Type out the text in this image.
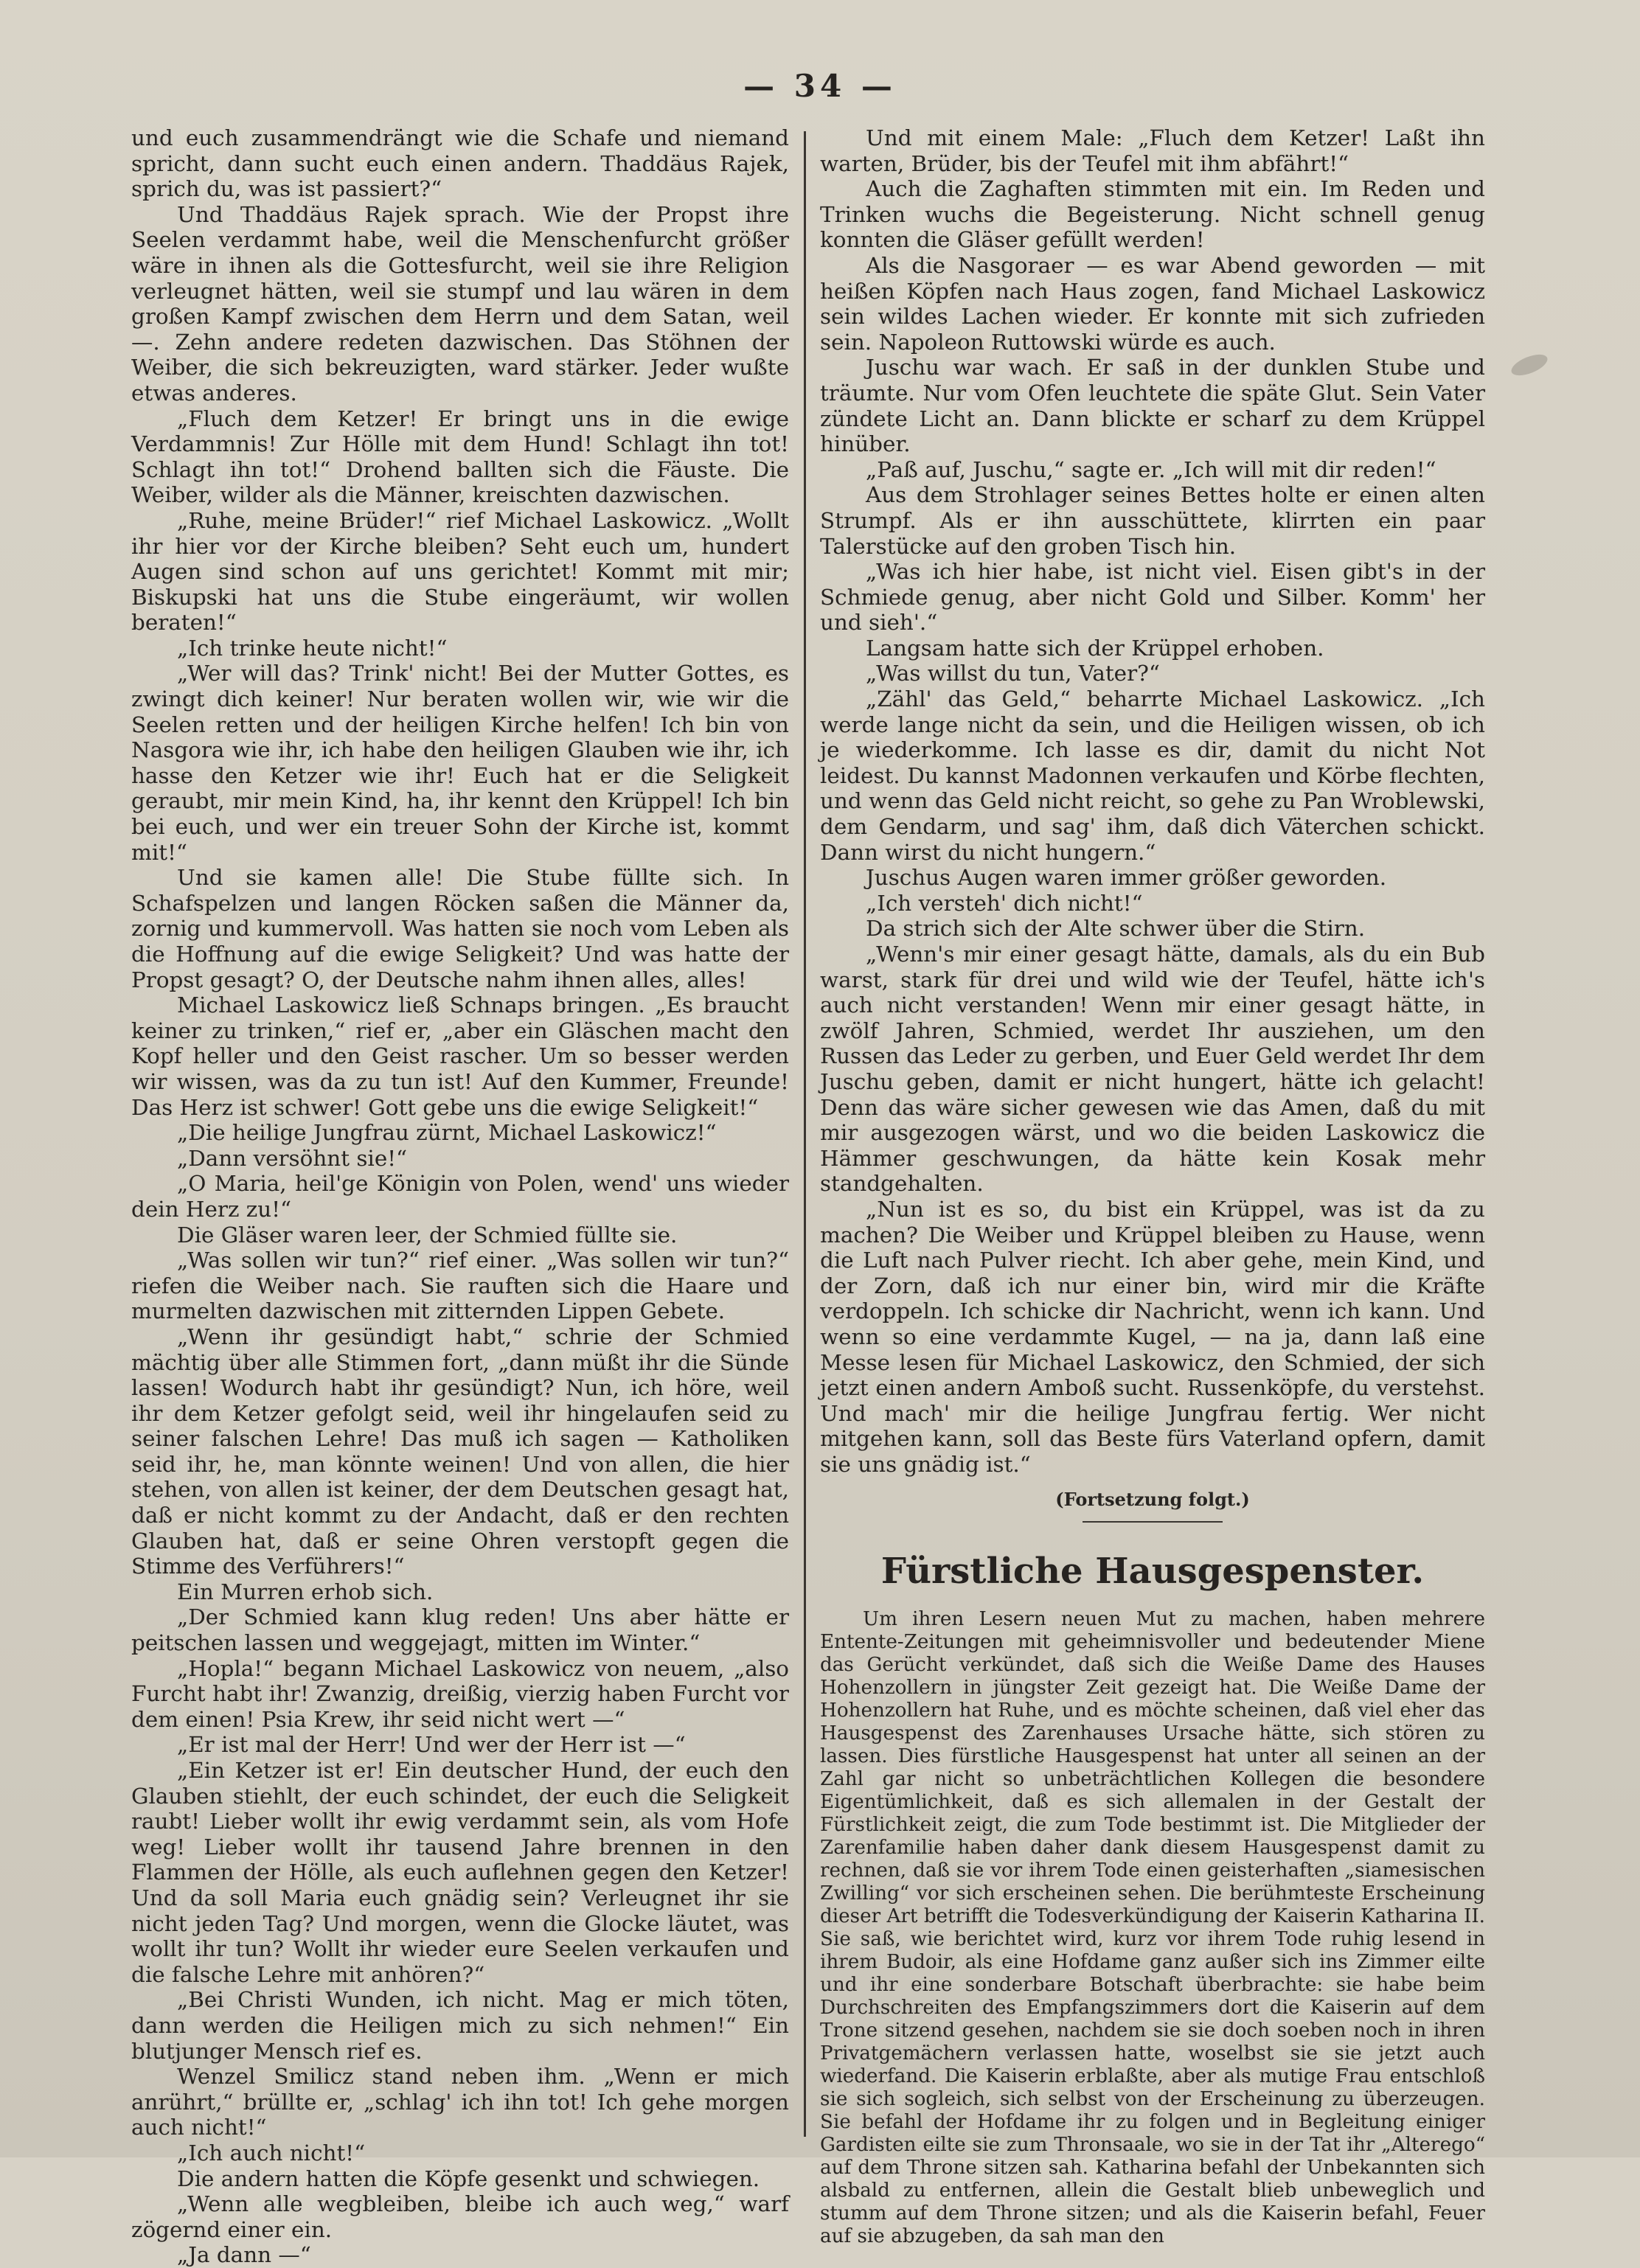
— 34 —

und euch zusammendrängt wie die Schafe und niemand spricht, dann sucht euch einen andern. Thaddäus Rajek, sprich du, was ist passiert?“

Und Thaddäus Rajek sprach. Wie der Propst ihre Seelen verdammt habe, weil die Menschenfurcht größer wäre in ihnen als die Gottesfurcht, weil sie ihre Religion verleugnet hätten, weil sie stumpf und lau wären in dem großen Kampf zwischen dem Herrn und dem Satan, weil —. Zehn andere redeten dazwischen. Das Stöhnen der Weiber, die sich bekreuzigten, ward stärker. Jeder wußte etwas anderes.

„Fluch dem Ketzer! Er bringt uns in die ewige Verdammnis! Zur Hölle mit dem Hund! Schlagt ihn tot! Schlagt ihn tot!“ Drohend ballten sich die Fäuste. Die Weiber, wilder als die Männer, kreischten dazwischen.

„Ruhe, meine Brüder!“ rief Michael Laskowicz. „Wollt ihr hier vor der Kirche bleiben? Seht euch um, hundert Augen sind schon auf uns gerichtet! Kommt mit mir; Biskupski hat uns die Stube eingeräumt, wir wollen beraten!“

„Ich trinke heute nicht!“

„Wer will das? Trink' nicht! Bei der Mutter Gottes, es zwingt dich keiner! Nur beraten wollen wir, wie wir die Seelen retten und der heiligen Kirche helfen! Ich bin von Nasgora wie ihr, ich habe den heiligen Glauben wie ihr, ich hasse den Ketzer wie ihr! Euch hat er die Seligkeit geraubt, mir mein Kind, ha, ihr kennt den Krüppel! Ich bin bei euch, und wer ein treuer Sohn der Kirche ist, kommt mit!“

Und sie kamen alle! Die Stube füllte sich. In Schafspelzen und langen Röcken saßen die Männer da, zornig und kummervoll. Was hatten sie noch vom Leben als die Hoffnung auf die ewige Seligkeit? Und was hatte der Propst gesagt? O, der Deutsche nahm ihnen alles, alles!

Michael Laskowicz ließ Schnaps bringen. „Es braucht keiner zu trinken,“ rief er, „aber ein Gläschen macht den Kopf heller und den Geist rascher. Um so besser werden wir wissen, was da zu tun ist! Auf den Kummer, Freunde! Das Herz ist schwer! Gott gebe uns die ewige Seligkeit!“

„Die heilige Jungfrau zürnt, Michael Laskowicz!“

„Dann versöhnt sie!“

„O Maria, heil'ge Königin von Polen, wend' uns wieder dein Herz zu!“

Die Gläser waren leer, der Schmied füllte sie.

„Was sollen wir tun?“ rief einer. „Was sollen wir tun?“ riefen die Weiber nach. Sie rauften sich die Haare und murmelten dazwischen mit zitternden Lippen Gebete.

„Wenn ihr gesündigt habt,“ schrie der Schmied mächtig über alle Stimmen fort, „dann müßt ihr die Sünde lassen! Wodurch habt ihr gesündigt? Nun, ich höre, weil ihr dem Ketzer gefolgt seid, weil ihr hingelaufen seid zu seiner falschen Lehre! Das muß ich sagen — Katholiken seid ihr, he, man könnte weinen! Und von allen, die hier stehen, von allen ist keiner, der dem Deutschen gesagt hat, daß er nicht kommt zu der Andacht, daß er den rechten Glauben hat, daß er seine Ohren verstopft gegen die Stimme des Verführers!“

Ein Murren erhob sich.

„Der Schmied kann klug reden! Uns aber hätte er peitschen lassen und weggejagt, mitten im Winter.“

„Hopla!“ begann Michael Laskowicz von neuem, „also Furcht habt ihr! Zwanzig, dreißig, vierzig haben Furcht vor dem einen! Psia Krew, ihr seid nicht wert —“

„Er ist mal der Herr! Und wer der Herr ist —“

„Ein Ketzer ist er! Ein deutscher Hund, der euch den Glauben stiehlt, der euch schindet, der euch die Seligkeit raubt! Lieber wollt ihr ewig verdammt sein, als vom Hofe weg! Lieber wollt ihr tausend Jahre brennen in den Flammen der Hölle, als euch auflehnen gegen den Ketzer! Und da soll Maria euch gnädig sein? Verleugnet ihr sie nicht jeden Tag? Und morgen, wenn die Glocke läutet, was wollt ihr tun? Wollt ihr wieder eure Seelen verkaufen und die falsche Lehre mit anhören?“

„Bei Christi Wunden, ich nicht. Mag er mich töten, dann werden die Heiligen mich zu sich nehmen!“ Ein blutjunger Mensch rief es.

Wenzel Smilicz stand neben ihm. „Wenn er mich anrührt,“ brüllte er, „schlag' ich ihn tot! Ich gehe morgen auch nicht!“

„Ich auch nicht!“

Die andern hatten die Köpfe gesenkt und schwiegen.

„Wenn alle wegbleiben, bleibe ich auch weg,“ warf zögernd einer ein.

„Ja dann —“

Und mit einem Male: „Fluch dem Ketzer! Laßt ihn warten, Brüder, bis der Teufel mit ihm abfährt!“

Auch die Zaghaften stimmten mit ein. Im Reden und Trinken wuchs die Begeisterung. Nicht schnell genug konnten die Gläser gefüllt werden!

Als die Nasgoraer — es war Abend geworden — mit heißen Köpfen nach Haus zogen, fand Michael Laskowicz sein wildes Lachen wieder. Er konnte mit sich zufrieden sein. Napoleon Ruttowski würde es auch.

Juschu war wach. Er saß in der dunklen Stube und träumte. Nur vom Ofen leuchtete die späte Glut. Sein Vater zündete Licht an. Dann blickte er scharf zu dem Krüppel hinüber.

„Paß auf, Juschu,“ sagte er. „Ich will mit dir reden!“

Aus dem Strohlager seines Bettes holte er einen alten Strumpf. Als er ihn ausschüttete, klirrten ein paar Talerstücke auf den groben Tisch hin.

„Was ich hier habe, ist nicht viel. Eisen gibt's in der Schmiede genug, aber nicht Gold und Silber. Komm' her und sieh'.“

Langsam hatte sich der Krüppel erhoben.

„Was willst du tun, Vater?“

„Zähl' das Geld,“ beharrte Michael Laskowicz. „Ich werde lange nicht da sein, und die Heiligen wissen, ob ich je wiederkomme. Ich lasse es dir, damit du nicht Not leidest. Du kannst Madonnen verkaufen und Körbe flechten, und wenn das Geld nicht reicht, so gehe zu Pan Wroblewski, dem Gendarm, und sag' ihm, daß dich Väterchen schickt. Dann wirst du nicht hungern.“

Juschus Augen waren immer größer geworden.

„Ich versteh' dich nicht!“

Da strich sich der Alte schwer über die Stirn.

„Wenn's mir einer gesagt hätte, damals, als du ein Bub warst, stark für drei und wild wie der Teufel, hätte ich's auch nicht verstanden! Wenn mir einer gesagt hätte, in zwölf Jahren, Schmied, werdet Ihr ausziehen, um den Russen das Leder zu gerben, und Euer Geld werdet Ihr dem Juschu geben, damit er nicht hungert, hätte ich gelacht! Denn das wäre sicher gewesen wie das Amen, daß du mit mir ausgezogen wärst, und wo die beiden Laskowicz die Hämmer geschwungen, da hätte kein Kosak mehr standgehalten.

„Nun ist es so, du bist ein Krüppel, was ist da zu machen? Die Weiber und Krüppel bleiben zu Hause, wenn die Luft nach Pulver riecht. Ich aber gehe, mein Kind, und der Zorn, daß ich nur einer bin, wird mir die Kräfte verdoppeln. Ich schicke dir Nachricht, wenn ich kann. Und wenn so eine verdammte Kugel, — na ja, dann laß eine Messe lesen für Michael Laskowicz, den Schmied, der sich jetzt einen andern Amboß sucht. Russenköpfe, du verstehst. Und mach' mir die heilige Jungfrau fertig. Wer nicht mitgehen kann, soll das Beste fürs Vaterland opfern, damit sie uns gnädig ist.“

(Fortsetzung folgt.)
Fürstliche Hausgespenster.

Um ihren Lesern neuen Mut zu machen, haben mehrere Entente-Zeitungen mit geheimnisvoller und bedeutender Miene das Gerücht verkündet, daß sich die Weiße Dame des Hauses Hohenzollern in jüngster Zeit gezeigt hat. Die Weiße Dame der Hohenzollern hat Ruhe, und es möchte scheinen, daß viel eher das Hausgespenst des Zarenhauses Ursache hätte, sich stören zu lassen. Dies fürstliche Hausgespenst hat unter all seinen an der Zahl gar nicht so unbeträchtlichen Kollegen die besondere Eigentümlichkeit, daß es sich allemalen in der Gestalt der Fürstlichkeit zeigt, die zum Tode bestimmt ist. Die Mitglieder der Zarenfamilie haben daher dank diesem Hausgespenst damit zu rechnen, daß sie vor ihrem Tode einen geisterhaften „siamesischen Zwilling“ vor sich erscheinen sehen. Die berühmteste Erscheinung dieser Art betrifft die Todesverkündigung der Kaiserin Katharina II. Sie saß, wie berichtet wird, kurz vor ihrem Tode ruhig lesend in ihrem Budoir, als eine Hofdame ganz außer sich ins Zimmer eilte und ihr eine sonderbare Botschaft überbrachte: sie habe beim Durchschreiten des Empfangszimmers dort die Kaiserin auf dem Trone sitzend gesehen, nachdem sie sie doch soeben noch in ihren Privatgemächern verlassen hatte, woselbst sie sie jetzt auch wiederfand. Die Kaiserin erblaßte, aber als mutige Frau entschloß sie sich sogleich, sich selbst von der Erscheinung zu überzeugen. Sie befahl der Hofdame ihr zu folgen und in Begleitung einiger Gardisten eilte sie zum Thronsaale, wo sie in der Tat ihr „Alterego“ auf dem Throne sitzen sah. Katharina befahl der Unbekannten sich alsbald zu entfernen, allein die Gestalt blieb unbeweglich und stumm auf dem Throne sitzen; und als die Kaiserin befahl, Feuer auf sie abzugeben, da sah man den
